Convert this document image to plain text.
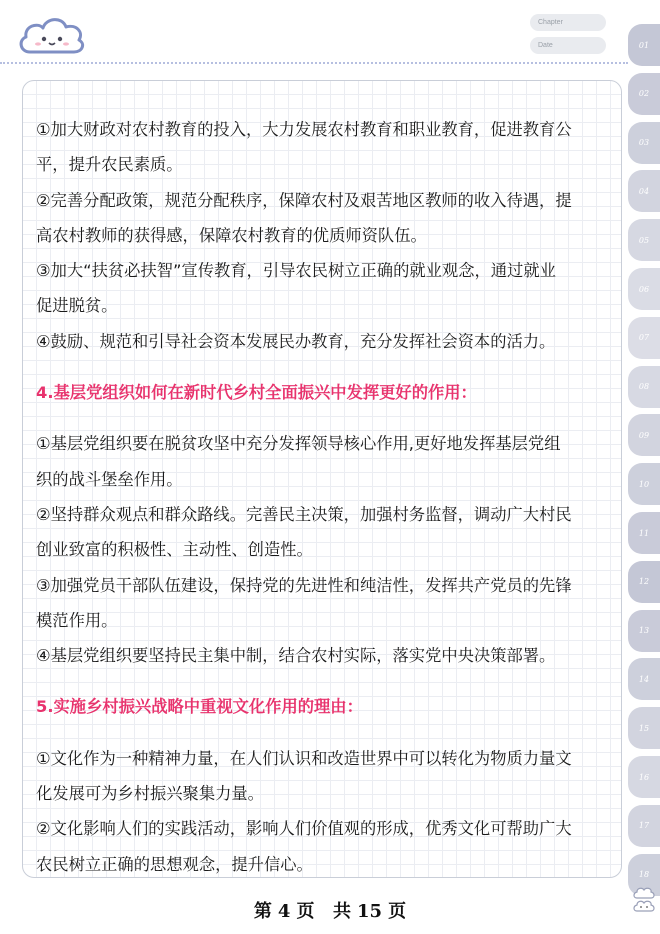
Chapter
Date	01
02
03
04
05
06
07
08
09
10
11
12
13
14
15
16
17
18

①加大财政对农村教育的投入，大力发展农村教育和职业教育，促进教育公

平，提升农民素质。

②完善分配政策，规范分配秩序，保障农村及艰苦地区教师的收入待遇，提

高农村教师的获得感，保障农村教育的优质师资队伍。

③加大“扶贫必扶智”宣传教育，引导农民树立正确的就业观念，通过就业

促进脱贫。

④鼓励、规范和引导社会资本发展民办教育，充分发挥社会资本的活力。

4.基层党组织如何在新时代乡村全面振兴中发挥更好的作用：

①基层党组织要在脱贫攻坚中充分发挥领导核心作用,更好地发挥基层党组

织的战斗堡垒作用。

②坚持群众观点和群众路线。完善民主决策，加强村务监督，调动广大村民

创业致富的积极性、主动性、创造性。

③加强党员干部队伍建设，保持党的先进性和纯洁性，发挥共产党员的先锋

模范作用。

④基层党组织要坚持民主集中制，结合农村实际，落实党中央决策部署。

5.实施乡村振兴战略中重视文化作用的理由：

①文化作为一种精神力量，在人们认识和改造世界中可以转化为物质力量文

化发展可为乡村振兴聚集力量。

②文化影响人们的实践活动，影响人们价值观的形成，优秀文化可帮助广大

农民树立正确的思想观念，提升信心。

第 4 页 共 15 页
